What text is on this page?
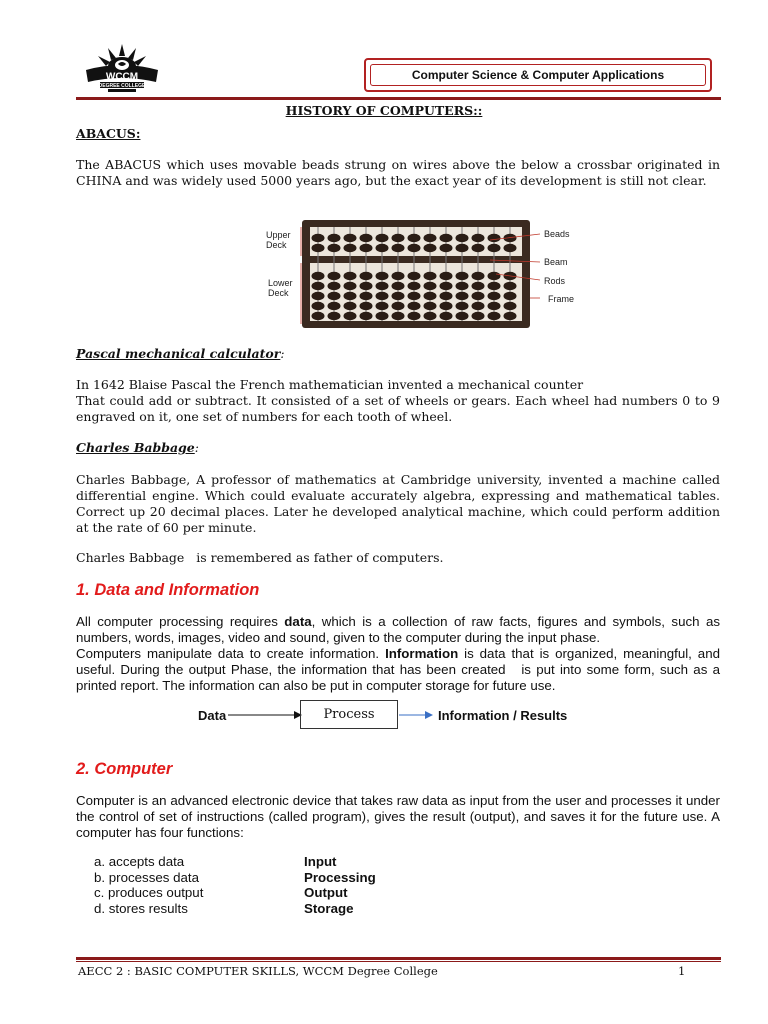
WCCM
DEGREE COLLEGE
Computer Science & Computer Applications
HISTORY OF COMPUTERS::
ABACUS:
The ABACUS which uses movable beads strung on wires above the below a crossbar originated in CHINA and was widely used 5000 years ago, but the exact year of its development is still not clear.
Upper
Deck
Lower
Deck
Beads
Beam
Rods
Frame
Pascal mechanical calculator:
In 1642 Blaise Pascal the French mathematician invented a mechanical counter
That could add or subtract. It consisted of a set of wheels or gears. Each wheel had numbers 0 to 9 engraved on it, one set of numbers for each tooth of wheel.
Charles Babbage:
Charles Babbage, A professor of mathematics at Cambridge university, invented a machine called differential engine. Which could evaluate accurately algebra, expressing and mathematical tables. Correct up 20 decimal places. Later he developed analytical machine, which could perform addition at the rate of 60 per minute.
Charles Babbage   is remembered as father of computers.
1. Data and Information
All computer processing requires data, which is a collection of raw facts, figures and symbols, such as numbers, words, images, video and sound, given to the computer during the input phase.
Computers manipulate data to create information. Information is data that is organized, meaningful, and useful. During the output Phase, the information that has been created   is put into some form, such as a printed report. The information can also be put in computer storage for future use.
Data	Process	Information / Results
2. Computer
Computer is an advanced electronic device that takes raw data as input from the user and processes it under the control of set of instructions (called program), gives the result (output), and saves it for the future use. A computer has four functions:
a. accepts data	Input
b. processes data	Processing
c. produces output	Output
d. stores results	Storage
AECC 2 : BASIC COMPUTER SKILLS, WCCM Degree College	1
